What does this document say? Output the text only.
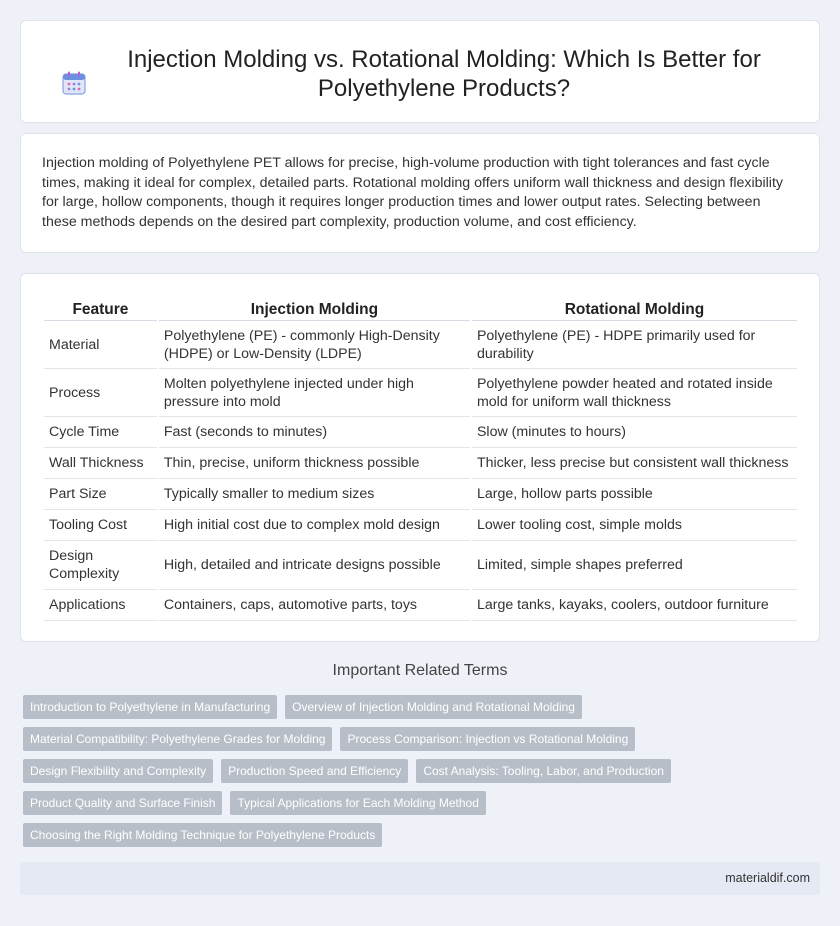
Injection Molding vs. Rotational Molding: Which Is Better for Polyethylene Products?

Injection molding of Polyethylene PET allows for precise, high-volume production with tight tolerances and fast cycle times, making it ideal for complex, detailed parts. Rotational molding offers uniform wall thickness and design flexibility for large, hollow components, though it requires longer production times and lower output rates. Selecting between these methods depends on the desired part complexity, production volume, and cost efficiency.

Feature	Injection Molding	Rotational Molding
Material	Polyethylene (PE) - commonly High-Density (HDPE) or Low-Density (LDPE)	Polyethylene (PE) - HDPE primarily used for durability
Process	Molten polyethylene injected under high pressure into mold	Polyethylene powder heated and rotated inside mold for uniform wall thickness
Cycle Time	Fast (seconds to minutes)	Slow (minutes to hours)
Wall Thickness	Thin, precise, uniform thickness possible	Thicker, less precise but consistent wall thickness
Part Size	Typically smaller to medium sizes	Large, hollow parts possible
Tooling Cost	High initial cost due to complex mold design	Lower tooling cost, simple molds
Design Complexity	High, detailed and intricate designs possible	Limited, simple shapes preferred
Applications	Containers, caps, automotive parts, toys	Large tanks, kayaks, coolers, outdoor furniture
Important Related Terms
Introduction to Polyethylene in Manufacturing	Overview of Injection Molding and Rotational Molding
Material Compatibility: Polyethylene Grades for Molding	Process Comparison: Injection vs Rotational Molding
Design Flexibility and Complexity	Production Speed and Efficiency	Cost Analysis: Tooling, Labor, and Production
Product Quality and Surface Finish	Typical Applications for Each Molding Method
Choosing the Right Molding Technique for Polyethylene Products
materialdif.com
